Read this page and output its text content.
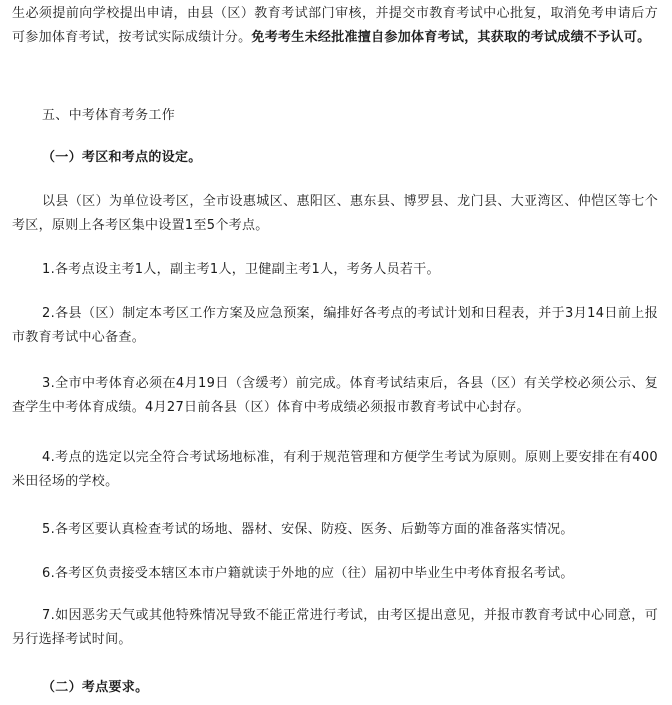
生必须提前向学校提出申请，由县（区）教育考试部门审核，并提交市教育考试中心批复，取消免考申请后方可参加体育考试，按考试实际成绩计分。免考考生未经批准擅自参加体育考试，其获取的考试成绩不予认可。
五、中考体育考务工作
（一）考区和考点的设定。
以县（区）为单位设考区，全市设惠城区、惠阳区、惠东县、博罗县、龙门县、大亚湾区、仲恺区等七个考区，原则上各考区集中设置1至5个考点。
1.各考点设主考1人，副主考1人，卫健副主考1人，考务人员若干。
2.各县（区）制定本考区工作方案及应急预案，编排好各考点的考试计划和日程表，并于3月14日前上报市教育考试中心备查。
3.全市中考体育必须在4月19日（含缓考）前完成。体育考试结束后，各县（区）有关学校必须公示、复查学生中考体育成绩。4月27日前各县（区）体育中考成绩必须报市教育考试中心封存。
4.考点的选定以完全符合考试场地标准，有利于规范管理和方便学生考试为原则。原则上要安排在有400米田径场的学校。
5.各考区要认真检查考试的场地、器材、安保、防疫、医务、后勤等方面的准备落实情况。
6.各考区负责接受本辖区本市户籍就读于外地的应（往）届初中毕业生中考体育报名考试。
7.如因恶劣天气或其他特殊情况导致不能正常进行考试，由考区提出意见，并报市教育考试中心同意，可另行选择考试时间。
（二）考点要求。
